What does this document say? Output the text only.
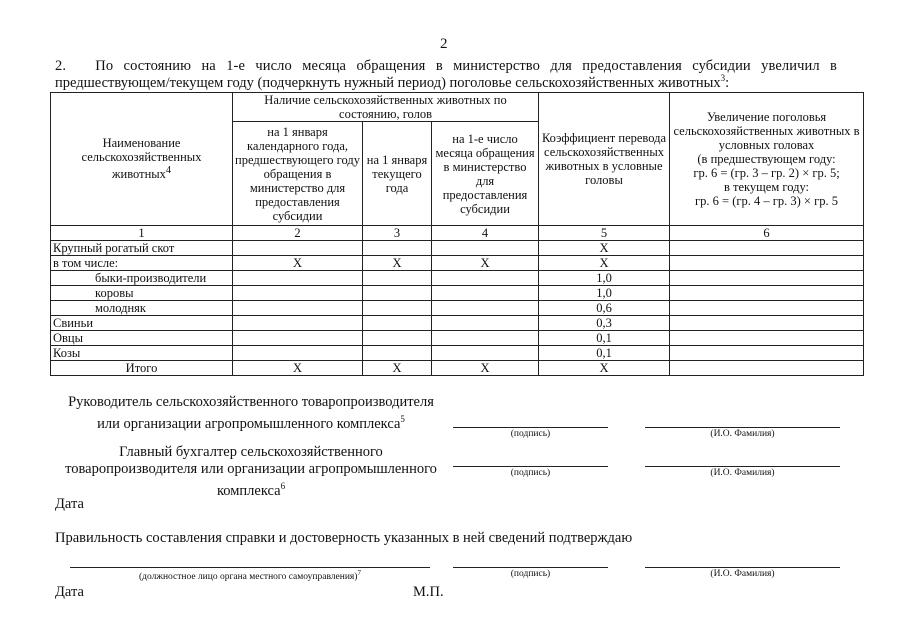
2
2.  По состоянию на 1-е число месяца обращения в министерство для предоставления субсидии увеличил в
предшествующем/текущем году (подчеркнуть нужный период) поголовье сельскохозяйственных животных$^3$:
Наименование сельскохозяйственных животных$^4$	Наличие сельскохозяйственных животных по состоянию, голов			Коэффициент перевода сельскохозяйственных животных в условные головы	Увеличение поголовья сельскохозяйственных животных в условных головах
(в предшествующем году:
гр. 6 = (гр. 3 – гр. 2) × гр. 5;
в текущем году:
гр. 6 = (гр. 4 – гр. 3) × гр. 5

	на 1 января календарного года, предшествующего году обращения в министерство для предоставления субсидии	на 1 января текущего года	на 1-е число месяца обращения в министерство для предоставления субсидии		
1	2	3	4	5	6
Крупный рогатый скот				X	
в том числе:	X	X	X	X	
быки-производители				1,0	
коровы				1,0	
молодняк				0,6	
Свиньи				0,3	
Овцы				0,1	
Козы				0,1	
Итого	X	X	X	X	
Руководитель сельскохозяйственного товаропроизводителя
или организации агропромышленного комплекса$^5$
(подпись)	(И.О. Фамилия)
Главный бухгалтер сельскохозяйственного
товаропроизводителя или организации агропромышленного
комплекса$^6$
(подпись)	(И.О. Фамилия)
Дата
Правильность составления справки и достоверность указанных в ней сведений подтверждаю
(должностное лицо органа местного самоуправления)$^7$	(подпись)	(И.О. Фамилия)
Дата	М.П.
